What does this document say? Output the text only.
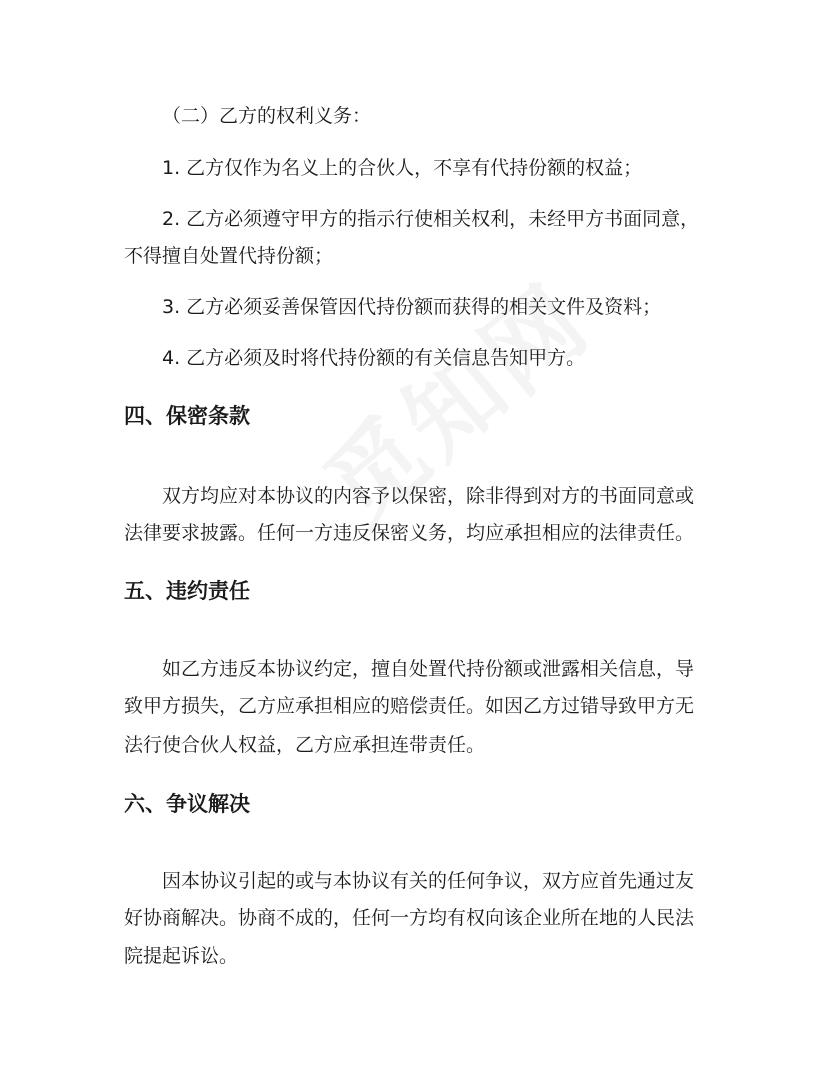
（二）乙方的权利义务：
1. 乙方仅作为名义上的合伙人，不享有代持份额的权益；
2. 乙方必须遵守甲方的指示行使相关权利，未经甲方书面同意，
不得擅自处置代持份额；
3. 乙方必须妥善保管因代持份额而获得的相关文件及资料；
4. 乙方必须及时将代持份额的有关信息告知甲方。
四、保密条款
双方均应对本协议的内容予以保密，除非得到对方的书面同意或
法律要求披露。任何一方违反保密义务，均应承担相应的法律责任。
五、违约责任
如乙方违反本协议约定，擅自处置代持份额或泄露相关信息，导
致甲方损失，乙方应承担相应的赔偿责任。如因乙方过错导致甲方无
法行使合伙人权益，乙方应承担连带责任。
六、争议解决
因本协议引起的或与本协议有关的任何争议，双方应首先通过友
好协商解决。协商不成的，任何一方均有权向该企业所在地的人民法
院提起诉讼。
